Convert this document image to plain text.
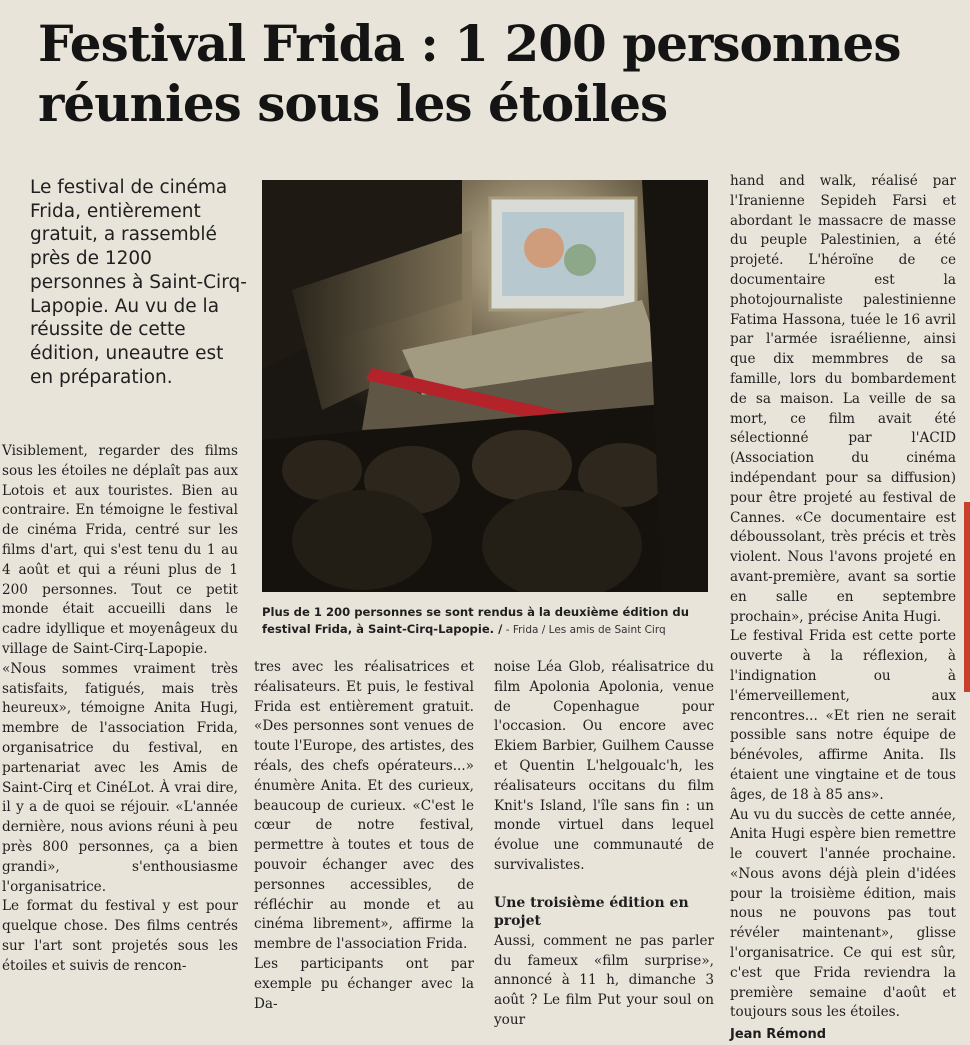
Festival Frida : 1 200 personnes
réunies sous les étoiles
Le festival de cinéma Frida, entièrement gratuit, a rassemblé près de 1200 personnes à Saint-Cirq-Lapopie. Au vu de la réussite de cette édition, uneautre est en préparation.

Visiblement, regarder des films sous les étoiles ne déplaît pas aux Lotois et aux touristes. Bien au contraire. En témoigne le festival de cinéma Frida, centré sur les films d'art, qui s'est tenu du 1 au 4 août et qui a réuni plus de 1 200 personnes. Tout ce petit monde était accueilli dans le cadre idyllique et moyenâgeux du village de Saint-Cirq-Lapopie.

«Nous sommes vraiment très satisfaits, fatigués, mais très heureux», témoigne Anita Hugi, membre de l'association Frida, organisatrice du festival, en partenariat avec les Amis de Saint-Cirq et CinéLot. À vrai dire, il y a de quoi se réjouir. «L'année dernière, nous avions réuni à peu près 800 personnes, ça a bien grandi», s'enthousiasme l'organisatrice.

Le format du festival y est pour quelque chose. Des films centrés sur l'art sont projetés sous les étoiles et suivis de rencon-

Plus de 1 200 personnes se sont rendus à la deuxième édition du festival Frida, à Saint-Cirq-Lapopie. / - Frida / Les amis de Saint Cirq

tres avec les réalisatrices et réalisateurs. Et puis, le festival Frida est entièrement gratuit. «Des personnes sont venues de toute l'Europe, des artistes, des réals, des chefs opérateurs...» énumère Anita. Et des curieux, beaucoup de curieux. «C'est le cœur de notre festival, permettre à toutes et tous de pouvoir échanger avec des personnes accessibles, de réfléchir au monde et au cinéma librement», affirme la membre de l'association Frida.

Les participants ont par exemple pu échanger avec la Da-

noise Léa Glob, réalisatrice du film Apolonia Apolonia, venue de Copenhague pour l'occasion. Ou encore avec Ekiem Barbier, Guilhem Causse et Quentin L'helgoualc'h, les réalisateurs occitans du film Knit's Island, l'île sans fin : un monde virtuel dans lequel évolue une communauté de survivalistes.

Une troisième édition en projet

Aussi, comment ne pas parler du fameux «film surprise», annoncé à 11 h, dimanche 3 août ? Le film Put your soul on your

hand and walk, réalisé par l'Iranienne Sepideh Farsi et abordant le massacre de masse du peuple Palestinien, a été projeté. L'héroïne de ce documentaire est la photojournaliste palestinienne Fatima Hassona, tuée le 16 avril par l'armée israélienne, ainsi que dix memmbres de sa famille, lors du bombardement de sa maison. La veille de sa mort, ce film avait été sélectionné par l'ACID (Association du cinéma indépendant pour sa diffusion) pour être projeté au festival de Cannes. «Ce documentaire est déboussolant, très précis et très violent. Nous l'avons projeté en avant-première, avant sa sortie en salle en septembre prochain», précise Anita Hugi.

Le festival Frida est cette porte ouverte à la réflexion, à l'indignation ou à l'émerveillement, aux rencontres... «Et rien ne serait possible sans notre équipe de bénévoles, affirme Anita. Ils étaient une vingtaine et de tous âges, de 18 à 85 ans».

Au vu du succès de cette année, Anita Hugi espère bien remettre le couvert l'année prochaine. «Nous avons déjà plein d'idées pour la troisième édition, mais nous ne pouvons pas tout révéler maintenant», glisse l'organisatrice. Ce qui est sûr, c'est que Frida reviendra la première semaine d'août et toujours sous les étoiles.

Jean Rémond
